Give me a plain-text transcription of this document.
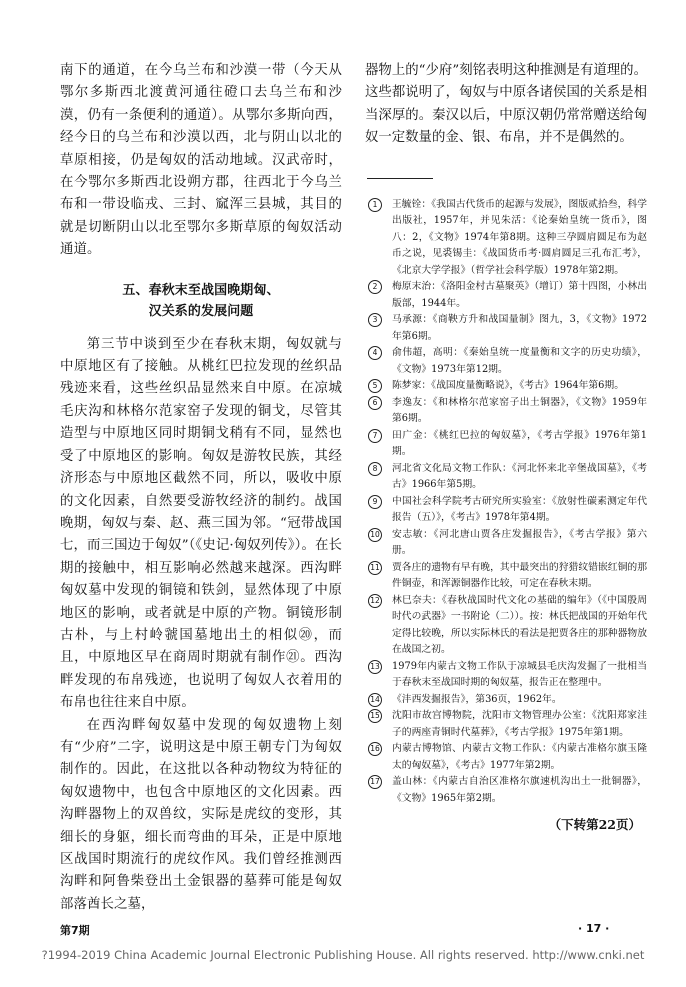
南下的通道，在今乌兰布和沙漠一带（今天从鄂尔多斯西北渡黄河通往磴口去乌兰布和沙漠，仍有一条便利的通道）。从鄂尔多斯向西，经今日的乌兰布和沙漠以西，北与阴山以北的草原相接，仍是匈奴的活动地域。汉武帝时，在今鄂尔多斯西北设朔方郡，往西北于今乌兰布和一带设临戎、三封、窳浑三县城，其目的就是切断阴山以北至鄂尔多斯草原的匈奴活动通道。

五、春秋末至战国晚期匈、
汉关系的发展问题

第三节中谈到至少在春秋末期，匈奴就与中原地区有了接触。从桃红巴拉发现的丝织品残迹来看，这些丝织品显然来自中原。在凉城毛庆沟和林格尔范家窑子发现的铜戈，尽管其造型与中原地区同时期铜戈稍有不同，显然也受了中原地区的影响。匈奴是游牧民族，其经济形态与中原地区截然不同，所以，吸收中原的文化因素，自然要受游牧经济的制约。战国晚期，匈奴与秦、赵、燕三国为邻。“冠带战国七，而三国边于匈奴”（《史记·匈奴列传》）。在长期的接触中，相互影响必然越来越深。西沟畔匈奴墓中发现的铜镜和铁剑，显然体现了中原地区的影响，或者就是中原的产物。铜镜形制古朴，与上村岭虢国墓地出土的相似⑳，而且，中原地区早在商周时期就有制作㉑。西沟畔发现的布帛残迹，也说明了匈奴人衣着用的布帛也往往来自中原。

在西沟畔匈奴墓中发现的匈奴遗物上刻有“少府”二字，说明这是中原王朝专门为匈奴制作的。因此，在这批以各种动物纹为特征的匈奴遗物中，也包含中原地区的文化因素。西沟畔器物上的双兽纹，实际是虎纹的变形，其细长的身躯，细长而弯曲的耳朵，正是中原地区战国时期流行的虎纹作风。我们曾经推测西沟畔和阿鲁柴登出土金银器的墓葬可能是匈奴部落酋长之墓，

器物上的“少府”刻铭表明这种推测是有道理的。这些都说明了，匈奴与中原各诸侯国的关系是相当深厚的。秦汉以后，中原汉朝仍常常赠送给匈奴一定数量的金、银、布帛，并不是偶然的。

1	王毓铨：《我国古代货币的起源与发展》，图版贰拾叁，科学出版社，1957年，并见朱活：《论秦始皇统一货币》，图八：2，《文物》1974年第8期。这种三孕圆肩圆足布为赵币之说，见裘锡圭：《战国货币考·圆肩圆足三孔布汇考》，《北京大学学报》（哲学社会科学版）1978年第2期。
2	梅原末治：《洛阳金村古墓聚英》（增订）第十四图，小林出版部，1944年。
3	马承源：《商鞅方升和战国量制》图九，3，《文物》1972年第6期。
4	俞伟超，高明：《秦始皇统一度量衡和文字的历史功绩》，《文物》1973年第12期。
5	陈梦家：《战国度量衡略说》，《考古》1964年第6期。
6	李逸友：《和林格尔范家窑子出土铜器》，《文物》1959年第6期。
7	田广金：《桃红巴拉的匈奴墓》，《考古学报》1976年第1期。
8	河北省文化局文物工作队：《河北怀来北辛堡战国墓》，《考古》1966年第5期。
9	中国社会科学院考古研究所实验室：《放射性碳素测定年代报告（五）》，《考古》1978年第4期。
10 安志敏：《河北唐山贾各庄发掘报告》，《考古学报》第六册。
11 贾各庄的遗物有早有晚，其中最突出的狩猎纹错嵌红铜的那件铜壶，和浑源铜器作比较，可定在春秋末期。
12 林巳奈夫：《春秋战国时代文化の基础的编年》（《中国殷周时代の武器》一书附论（二））。按：林氏把战国的开始年代定得比较晚，所以实际林氏的看法是把贾各庄的那种器物放在战国之初。
13 1979年内蒙古文物工作队于凉城县毛庆沟发掘了一批相当于春秋末至战国时期的匈奴墓，报告正在整理中。
14 《沣西发掘报告》，第36页，1962年。
15 沈阳市故宫博物院，沈阳市文物管理办公室：《沈阳郑家洼子的两座青铜时代墓葬》，《考古学报》1975年第1期。
16 内蒙古博物馆、内蒙古文物工作队：《内蒙古准格尔旗玉隆太的匈奴墓》，《考古》1977年第2期。
17 盖山林：《内蒙古自治区准格尔旗速机沟出土一批铜器》，《文物》1965年第2期。
（下转第22页）
第7期	· 17 ·
?1994-2019 China Academic Journal Electronic Publishing House. All rights reserved. http://www.cnki.net
